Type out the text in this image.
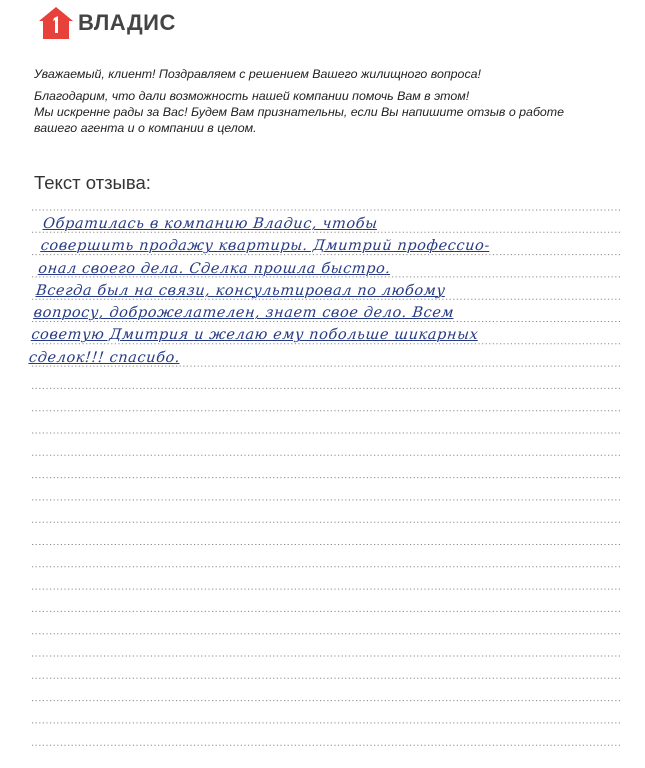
ВЛАДИС

Уважаемый, клиент! Поздравляем с решением Вашего жилищного вопроса!

Благодарим, что дали возможность нашей компании помочь Вам в этом!

Мы искренне рады за Вас! Будем Вам признательны, если Вы напишите отзыв о работе

вашего агента и о компании в целом.

Текст отзыва:
Обратилась в компанию Владис, чтобы
совершить продажу квартиры. Дмитрий профессио-
онал своего дела. Сделка прошла быстро.
Всегда был на связи, консультировал по любому
вопросу, доброжелателен, знает свое дело. Всем
советую Дмитрия и желаю ему побольше шикарных
сделок!!! спасибо.
